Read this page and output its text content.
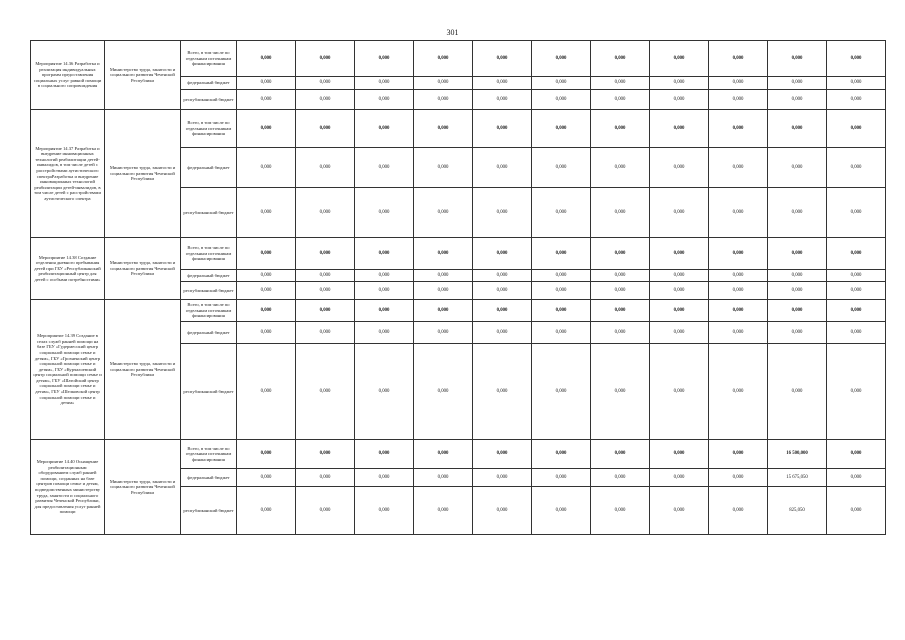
301
Мероприятие 14.36 Разработка и реализация индивидуальных программ предоставления социальных услуг равной помощи в социального сопровождения	Министерство труда, занятости и социального развития Чеченской Республики	Всего, в том числе по отдельным источникам финансирования	0,000	0,000	0,000	0,000	0,000	0,000	0,000	0,000	0,000	0,000	0,000
		федеральный бюджет	0,000	0,000	0,000	0,000	0,000	0,000	0,000	0,000	0,000	0,000	0,000
		республиканский бюджет	0,000	0,000	0,000	0,000	0,000	0,000	0,000	0,000	0,000	0,000	0,000
Мероприятие 14.37 Разработка и внедрение инновационных технологий реабилитации детей-инвалидов, в том числе детей с расстройствами аутистического спектраРазработка и внедрение инновационных технологий реабилитации детей-инвалидов, в том числе детей с расстройствами аутистического спектра	Министерство труда, занятости и социального развития Чеченской Республики	Всего, в том числе по отдельным источникам финансирования	0,000	0,000	0,000	0,000	0,000	0,000	0,000	0,000	0,000	0,000	0,000
		федеральный бюджет	0,000	0,000	0,000	0,000	0,000	0,000	0,000	0,000	0,000	0,000	0,000
		республиканский бюджет	0,000	0,000	0,000	0,000	0,000	0,000	0,000	0,000	0,000	0,000	0,000
Мероприятие 14.38 Создание отделения дневного пребывания детей при ГБУ «Республиканский реабилитационный центр для детей с особыми потребностями»	Министерство труда, занятости и социального развития Чеченской Республики	Всего, в том числе по отдельным источникам финансирования	0,000	0,000	0,000	0,000	0,000	0,000	0,000	0,000	0,000	0,000	0,000
		федеральный бюджет	0,000	0,000	0,000	0,000	0,000	0,000	0,000	0,000	0,000	0,000	0,000
		республиканский бюджет	0,000	0,000	0,000	0,000	0,000	0,000	0,000	0,000	0,000	0,000	0,000
Мероприятие 14.39 Создание в селах служб ранней помощи на базе ГБУ «Гудермесский центр социальной помощи семье и детям», ГБУ «Грозненский центр социальной помощи семье и детям», ГБУ «Курчалоевский центр социальной помощи семье и детям», ГБУ «Шатойский центр социальной помощи семье и детям», ГБУ «Шелковской центр социальной помощи семье и детям»	Министерство труда, занятости и социального развития Чеченской Республики	Всего, в том числе по отдельным источникам финансирования	0,000	0,000	0,000	0,000	0,000	0,000	0,000	0,000	0,000	0,000	0,000
		федеральный бюджет	0,000	0,000	0,000	0,000	0,000	0,000	0,000	0,000	0,000	0,000	0,000
		республиканский бюджет	0,000	0,000	0,000	0,000	0,000	0,000	0,000	0,000	0,000	0,000	0,000
Мероприятие 14.40 Оснащение реабилитационным оборудованием служб ранней помощи, созданных на базе центров помощи семье и детям, подведомственных министерству труда, занятости и социального развития Чеченской Республики, для предоставления услуг ранней помощи	Министерство труда, занятости и социального развития Чеченской Республики	Всего, в том числе по отдельным источникам финансирования	0,000	0,000	0,000	0,000	0,000	0,000	0,000	0,000	0,000	16 500,000	0,000
		федеральный бюджет	0,000	0,000	0,000	0,000	0,000	0,000	0,000	0,000	0,000	15 675,050	0,000
		республиканский бюджет	0,000	0,000	0,000	0,000	0,000	0,000	0,000	0,000	0,000	825,050	0,000
